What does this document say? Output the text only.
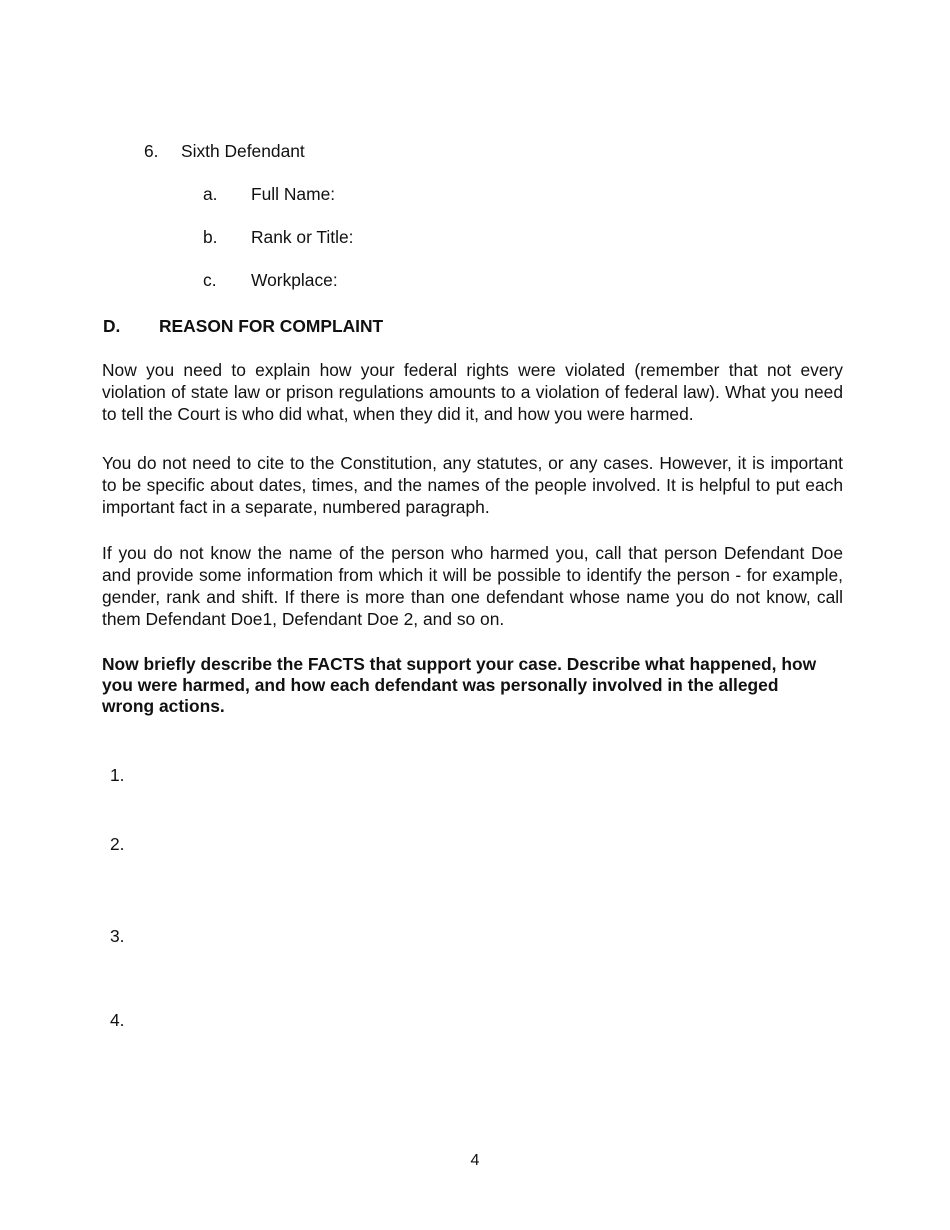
6. Sixth Defendant
a. Full Name:
b. Rank or Title:
c. Workplace:
D. REASON FOR COMPLAINT
Now you need to explain how your federal rights were violated (remember that not every violation of state law or prison regulations amounts to a violation of federal law). What you need to tell the Court is who did what, when they did it, and how you were harmed.
You do not need to cite to the Constitution, any statutes, or any cases. However, it is important to be specific about dates, times, and the names of the people involved. It is helpful to put each important fact in a separate, numbered paragraph.
If you do not know the name of the person who harmed you, call that person Defendant Doe and provide some information from which it will be possible to identify the person - for example, gender, rank and shift. If there is more than one defendant whose name you do not know, call them Defendant Doe1, Defendant Doe 2, and so on.
Now briefly describe the FACTS that support your case. Describe what happened, how you were harmed, and how each defendant was personally involved in the alleged wrong actions.
1.
2.
3.
4.
4
